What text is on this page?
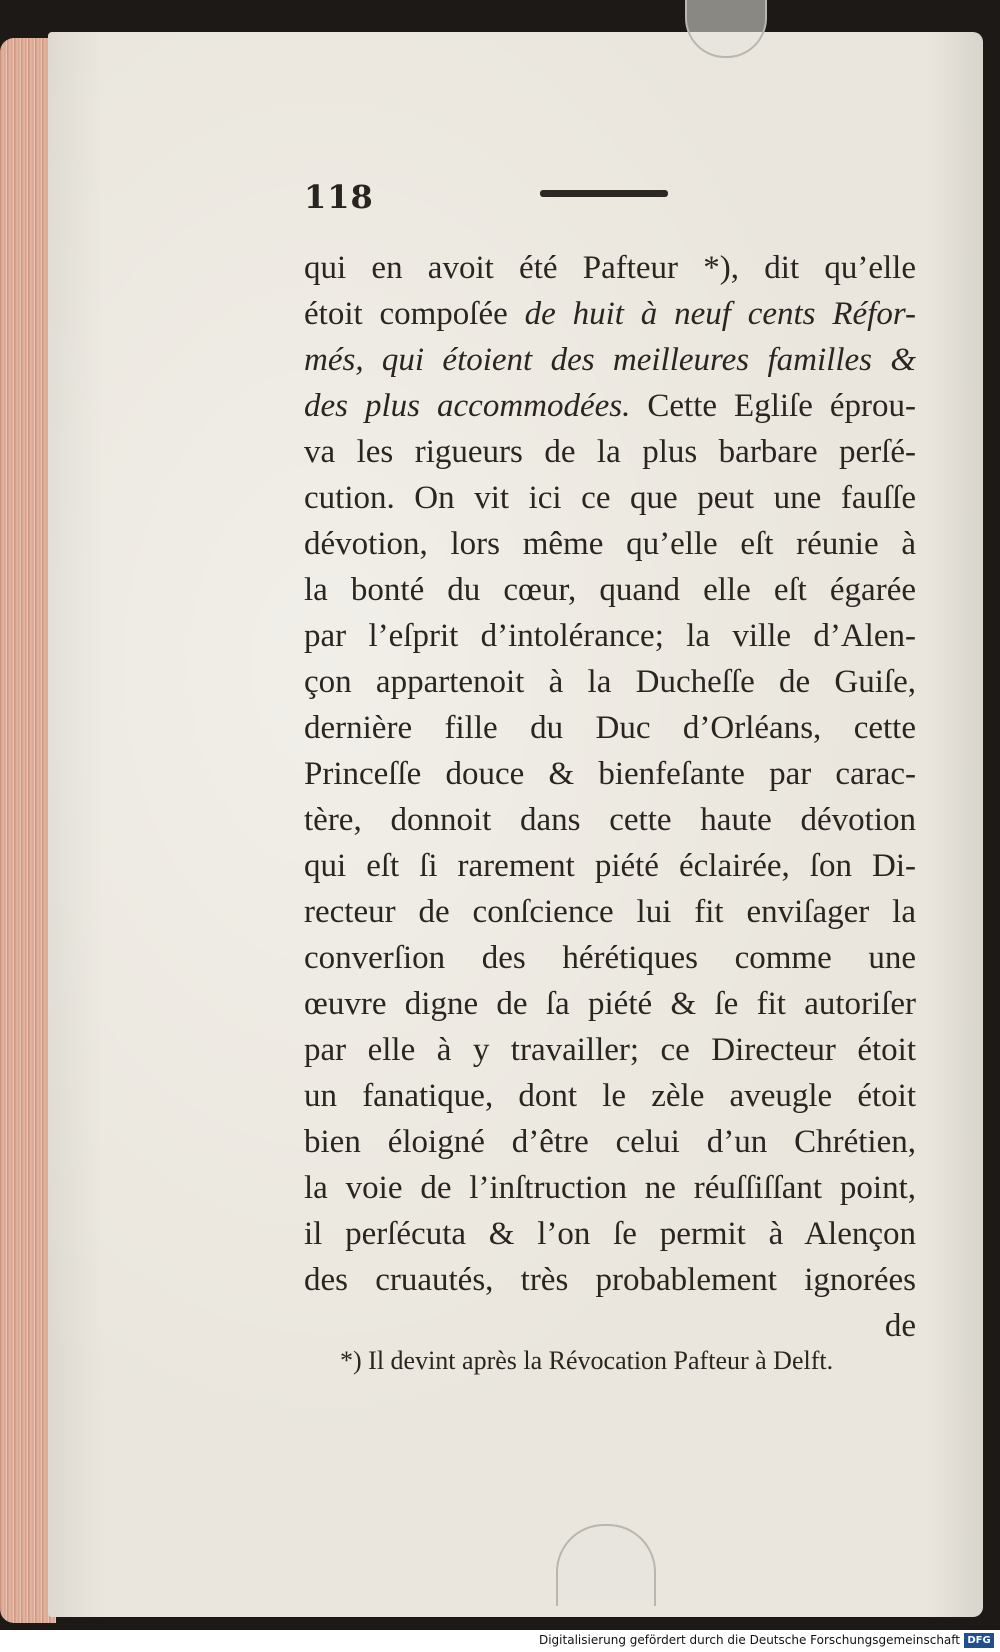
118
qui en avoit été Pafteur *), dit qu’elle
étoit compoſée de huit à neuf cents Réfor-
més, qui étoient des meilleures familles &
des plus accommodées. Cette Egliſe éprou-
va les rigueurs de la plus barbare perſé-
cution. On vit ici ce que peut une fauſſe
dévotion, lors même qu’elle eſt réunie à
la bonté du cœur, quand elle eſt égarée
par l’eſprit d’intolérance; la ville d’Alen-
çon appartenoit à la Ducheſſe de Guiſe,
dernière fille du Duc d’Orléans, cette
Princeſſe douce & bienfeſante par carac-
tère, donnoit dans cette haute dévotion
qui eſt ſi rarement piété éclairée, ſon Di-
recteur de conſcience lui fit enviſager la
converſion des hérétiques comme une
œuvre digne de ſa piété & ſe fit autoriſer
par elle à y travailler; ce Directeur étoit
un fanatique, dont le zèle aveugle étoit
bien éloigné d’être celui d’un Chrétien,
la voie de l’inſtruction ne réuſſiſſant point,
il perſécuta & l’on ſe permit à Alençon
des cruautés, très probablement ignorées
de
*) Il devint après la Révocation Pafteur à Delft.
Digitalisierung gefördert durch die Deutsche Forschungsgemeinschaft DFG
